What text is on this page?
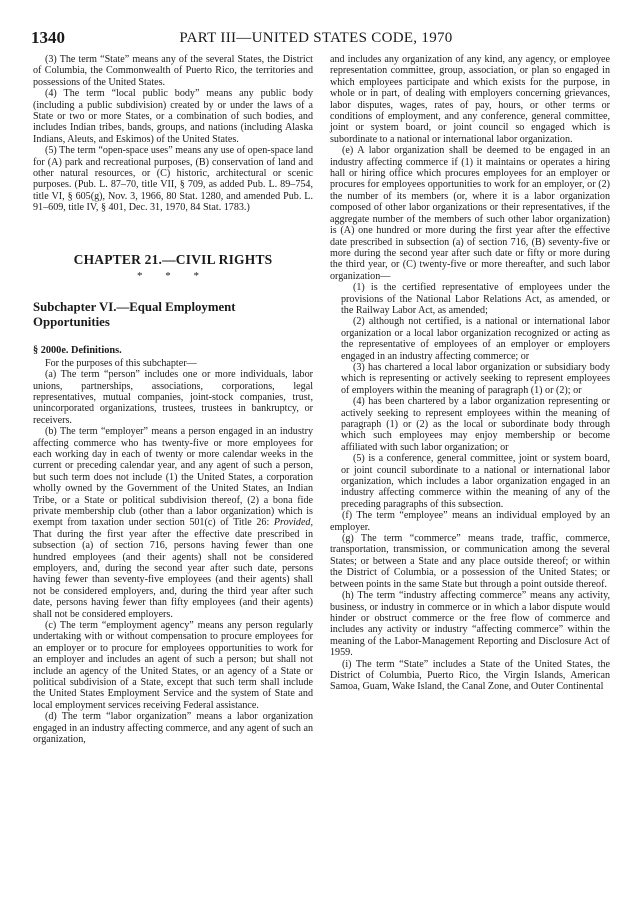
1340	PART III—UNITED STATES CODE, 1970

(3) The term “State” means any of the several States, the District of Columbia, the Commonwealth of Puerto Rico, the territories and possessions of the United States.

(4) The term “local public body” means any public body (including a public subdivision) created by or under the laws of a State or two or more States, or a combination of such bodies, and includes Indian tribes, bands, groups, and nations (including Alaska Indians, Aleuts, and Eskimos) of the United States.

(5) The term “open-space uses” means any use of open-space land for (A) park and recreational purposes, (B) conservation of land and other natural resources, or (C) historic, architectural or scenic purposes. (Pub. L. 87–70, title VII, § 709, as added Pub. L. 89–754, title VI, § 605(g), Nov. 3, 1966, 80 Stat. 1280, and amended Pub. L. 91–609, title IV, § 401, Dec. 31, 1970, 84 Stat. 1783.)

CHAPTER 21.—CIVIL RIGHTS
* * *
Subchapter VI.—Equal Employment Opportunities
§ 2000e. Definitions.

For the purposes of this subchapter—

(a) The term “person” includes one or more individuals, labor unions, partnerships, associations, corporations, legal representatives, mutual companies, joint-stock companies, trust, unincorporated organizations, trustees, trustees in bankruptcy, or receivers.

(b) The term “employer” means a person engaged in an industry affecting commerce who has twenty-five or more employees for each working day in each of twenty or more calendar weeks in the current or preceding calendar year, and any agent of such a person, but such term does not include (1) the United States, a corporation wholly owned by the Government of the United States, an Indian Tribe, or a State or political subdivision thereof, (2) a bona fide private membership club (other than a labor organization) which is exempt from taxation under section 501(c) of Title 26: Provided, That during the first year after the effective date prescribed in subsection (a) of section 716, persons having fewer than one hundred employees (and their agents) shall not be considered employers, and, during the second year after such date, persons having fewer than seventy-five employees (and their agents) shall not be considered employers, and, during the third year after such date, persons having fewer than fifty employees (and their agents) shall not be considered employers.

(c) The term “employment agency” means any person regularly undertaking with or without compensation to procure employees for an employer or to procure for employees opportunities to work for an employer and includes an agent of such a person; but shall not include an agency of the United States, or an agency of a State or political subdivision of a State, except that such term shall include the United States Employment Service and the system of State and local employment services receiving Federal assistance.

(d) The term “labor organization” means a labor organization engaged in an industry affecting commerce, and any agent of such an organization,

and includes any organization of any kind, any agency, or employee representation committee, group, association, or plan so engaged in which employees participate and which exists for the purpose, in whole or in part, of dealing with employers concerning grievances, labor disputes, wages, rates of pay, hours, or other terms or conditions of employment, and any conference, general committee, joint or system board, or joint council so engaged which is subordinate to a national or international labor organization.

(e) A labor organization shall be deemed to be engaged in an industry affecting commerce if (1) it maintains or operates a hiring hall or hiring office which procures employees for an employer or procures for employees opportunities to work for an employer, or (2) the number of its members (or, where it is a labor organization composed of other labor organizations or their representatives, if the aggregate number of the members of such other labor organization) is (A) one hundred or more during the first year after the effective date prescribed in subsection (a) of section 716, (B) seventy-five or more during the second year after such date or fifty or more during the third year, or (C) twenty-five or more thereafter, and such labor organization—

(1) is the certified representative of employees under the provisions of the National Labor Relations Act, as amended, or the Railway Labor Act, as amended;

(2) although not certified, is a national or international labor organization or a local labor organization recognized or acting as the representative of employees of an employer or employers engaged in an industry affecting commerce; or

(3) has chartered a local labor organization or subsidiary body which is representing or actively seeking to represent employees of employers within the meaning of paragraph (1) or (2); or

(4) has been chartered by a labor organization representing or actively seeking to represent employees within the meaning of paragraph (1) or (2) as the local or subordinate body through which such employees may enjoy membership or become affiliated with such labor organization; or

(5) is a conference, general committee, joint or system board, or joint council subordinate to a national or international labor organization, which includes a labor organization engaged in an industry affecting commerce within the meaning of any of the preceding paragraphs of this subsection.

(f) The term “employee” means an individual employed by an employer.

(g) The term “commerce” means trade, traffic, commerce, transportation, transmission, or communication among the several States; or between a State and any place outside thereof; or within the District of Columbia, or a possession of the United States; or between points in the same State but through a point outside thereof.

(h) The term “industry affecting commerce” means any activity, business, or industry in commerce or in which a labor dispute would hinder or obstruct commerce or the free flow of commerce and includes any activity or industry “affecting commerce” within the meaning of the Labor-Management Reporting and Disclosure Act of 1959.

(i) The term “State” includes a State of the United States, the District of Columbia, Puerto Rico, the Virgin Islands, American Samoa, Guam, Wake Island, the Canal Zone, and Outer Continental
